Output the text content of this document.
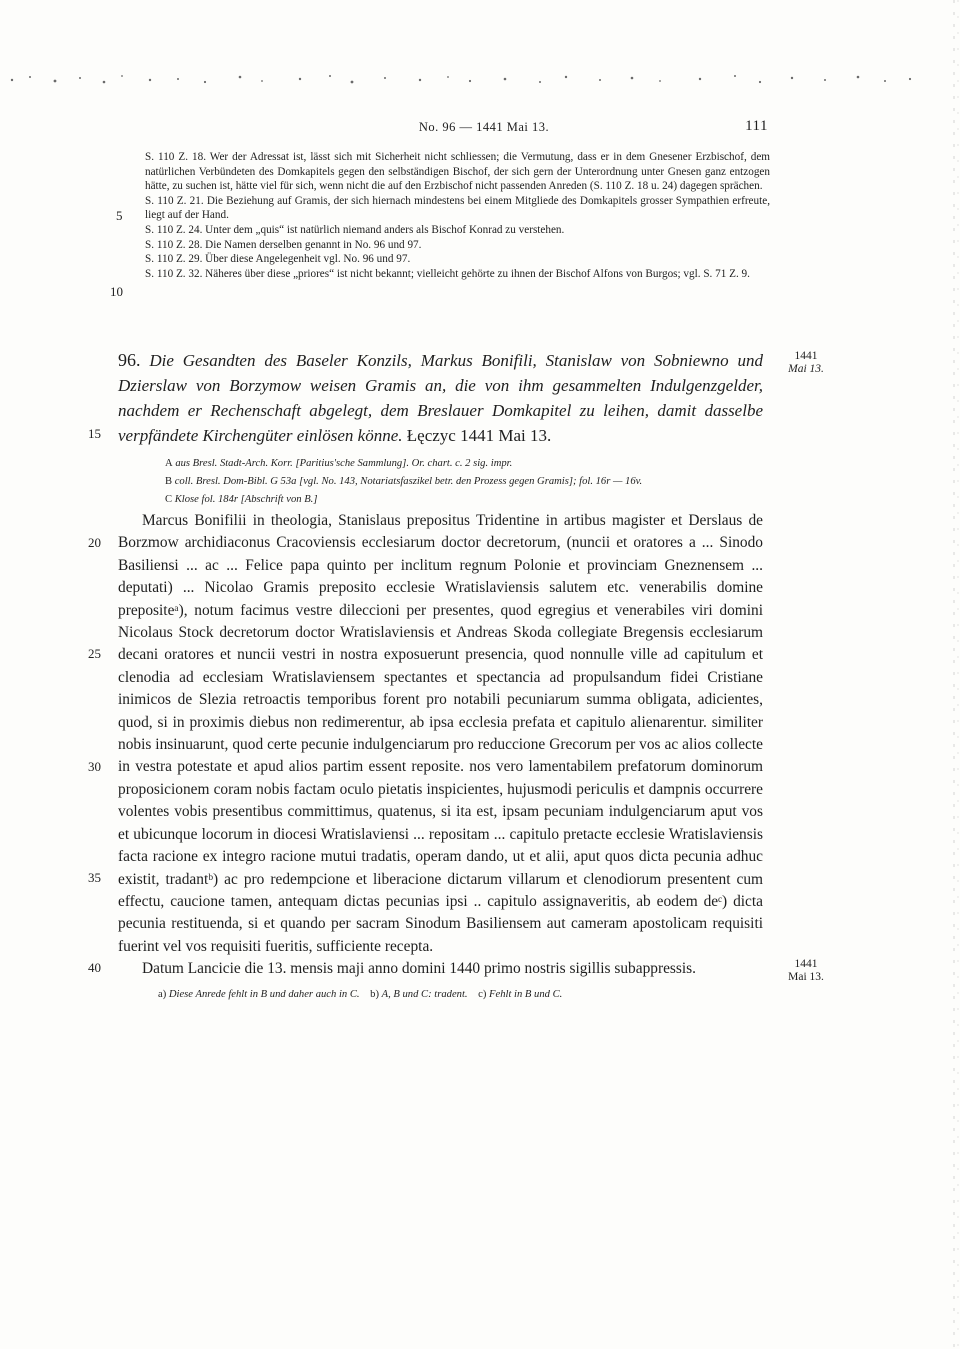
No. 96 — 1441 Mai 13.	111

S. 110 Z. 18. Wer der Adressat ist, lässt sich mit Sicherheit nicht schliessen; die Vermutung, dass er in dem Gnesener Erzbischof, dem natürlichen Verbündeten des Domkapitels gegen den selbständigen Bischof, der sich gern der Unterordnung unter Gnesen ganz entzogen hätte, zu suchen ist, hätte viel für sich, wenn nicht die auf den Erzbischof nicht passenden Anreden (S. 110 Z. 18 u. 24) dagegen sprächen.

S. 110 Z. 21. Die Beziehung auf Gramis, der sich hiernach mindestens bei einem Mitgliede des Domkapitels grosser Sympathien erfreute, liegt auf der Hand.

S. 110 Z. 24. Unter dem „quis“ ist natürlich niemand anders als Bischof Konrad zu verstehen.

S. 110 Z. 28. Die Namen derselben genannt in No. 96 und 97.

S. 110 Z. 29. Über diese Angelegenheit vgl. No. 96 und 97.

S. 110 Z. 32. Näheres über diese „priores“ ist nicht bekannt; vielleicht gehörte zu ihnen der Bischof Alfons von Burgos; vgl. S. 71 Z. 9.

5
10
15
20
25
30
35
40

96. Die Gesandten des Baseler Konzils, Markus Bonifili, Stanislaw von Sobniewno und Dzierslaw von Borzymow weisen Gramis an, die von ihm gesammelten Indulgenzgelder, nachdem er Rechenschaft abgelegt, dem Breslauer Domkapitel zu leihen, damit dasselbe verpfändete Kirchengüter einlösen könne. Łęczyc 1441 Mai 13.

1441
Mai 13.

A aus Bresl. Stadt-Arch. Korr. [Paritius'sche Sammlung]. Or. chart. c. 2 sig. impr.

B coll. Bresl. Dom-Bibl. G 53a [vgl. No. 143, Notariatsfaszikel betr. den Prozess gegen Gramis]; fol. 16r — 16v.

C Klose fol. 184r [Abschrift von B.]

Marcus Bonifilii in theologia, Stanislaus prepositus Tridentine in artibus magister et Derslaus de Borzmow archidiaconus Cracoviensis ecclesiarum doctor decretorum, (nuncii et oratores a ... Sinodo Basiliensi ... ac ... Felice papa quinto per inclitum regnum Polonie et provinciam Gneznensem ... deputati) ... Nicolao Gramis preposito ecclesie Wratislaviensis salutem etc. venerabilis domine prepositeᵃ), notum facimus vestre dileccioni per presentes, quod egregius et venerabiles viri domini Nicolaus Stock decretorum doctor Wratislaviensis et Andreas Skoda collegiate Bregensis ecclesiarum decani oratores et nuncii vestri in nostra exposuerunt presencia, quod nonnulle ville ad capitulum et clenodia ad ecclesiam Wratislaviensem spectantes et spectancia ad propulsandum fidei Cristiane inimicos de Slezia retroactis temporibus forent pro notabili pecuniarum summa obligata, adicientes, quod, si in proximis diebus non redimerentur, ab ipsa ecclesia prefata et capitulo alienarentur. similiter nobis insinuarunt, quod certe pecunie indulgenciarum pro reduccione Grecorum per vos ac alios collecte in vestra potestate et apud alios partim essent reposite. nos vero lamentabilem prefatorum dominorum proposicionem coram nobis factam oculo pietatis inspicientes, hujusmodi periculis et dampnis occurrere volentes vobis presentibus committimus, quatenus, si ita est, ipsam pecuniam indulgenciarum aput vos et ubicunque locorum in diocesi Wratislaviensi ... repositam ... capitulo pretacte ecclesie Wratislaviensis facta racione ex integro racione mutui tradatis, operam dando, ut et alii, aput quos dicta pecunia adhuc existit, tradantᵇ) ac pro redempcione et liberacione dictarum villarum et clenodiorum presentent cum effectu, caucione tamen, antequam dictas pecunias ipsi .. capitulo assignaveritis, ab eodem deᶜ) dicta pecunia restituenda, si et quando per sacram Sinodum Basiliensem aut cameram apostolicam requisiti fuerint vel vos requisiti fueritis, sufficiente recepta.

Datum Lancicie die 13. mensis maji anno domini 1440 primo nostris sigillis subappressis.	1441
Mai 13.
a) Diese Anrede fehlt in B und daher auch in C. b) A, B und C: tradent. c) Fehlt in B und C.
